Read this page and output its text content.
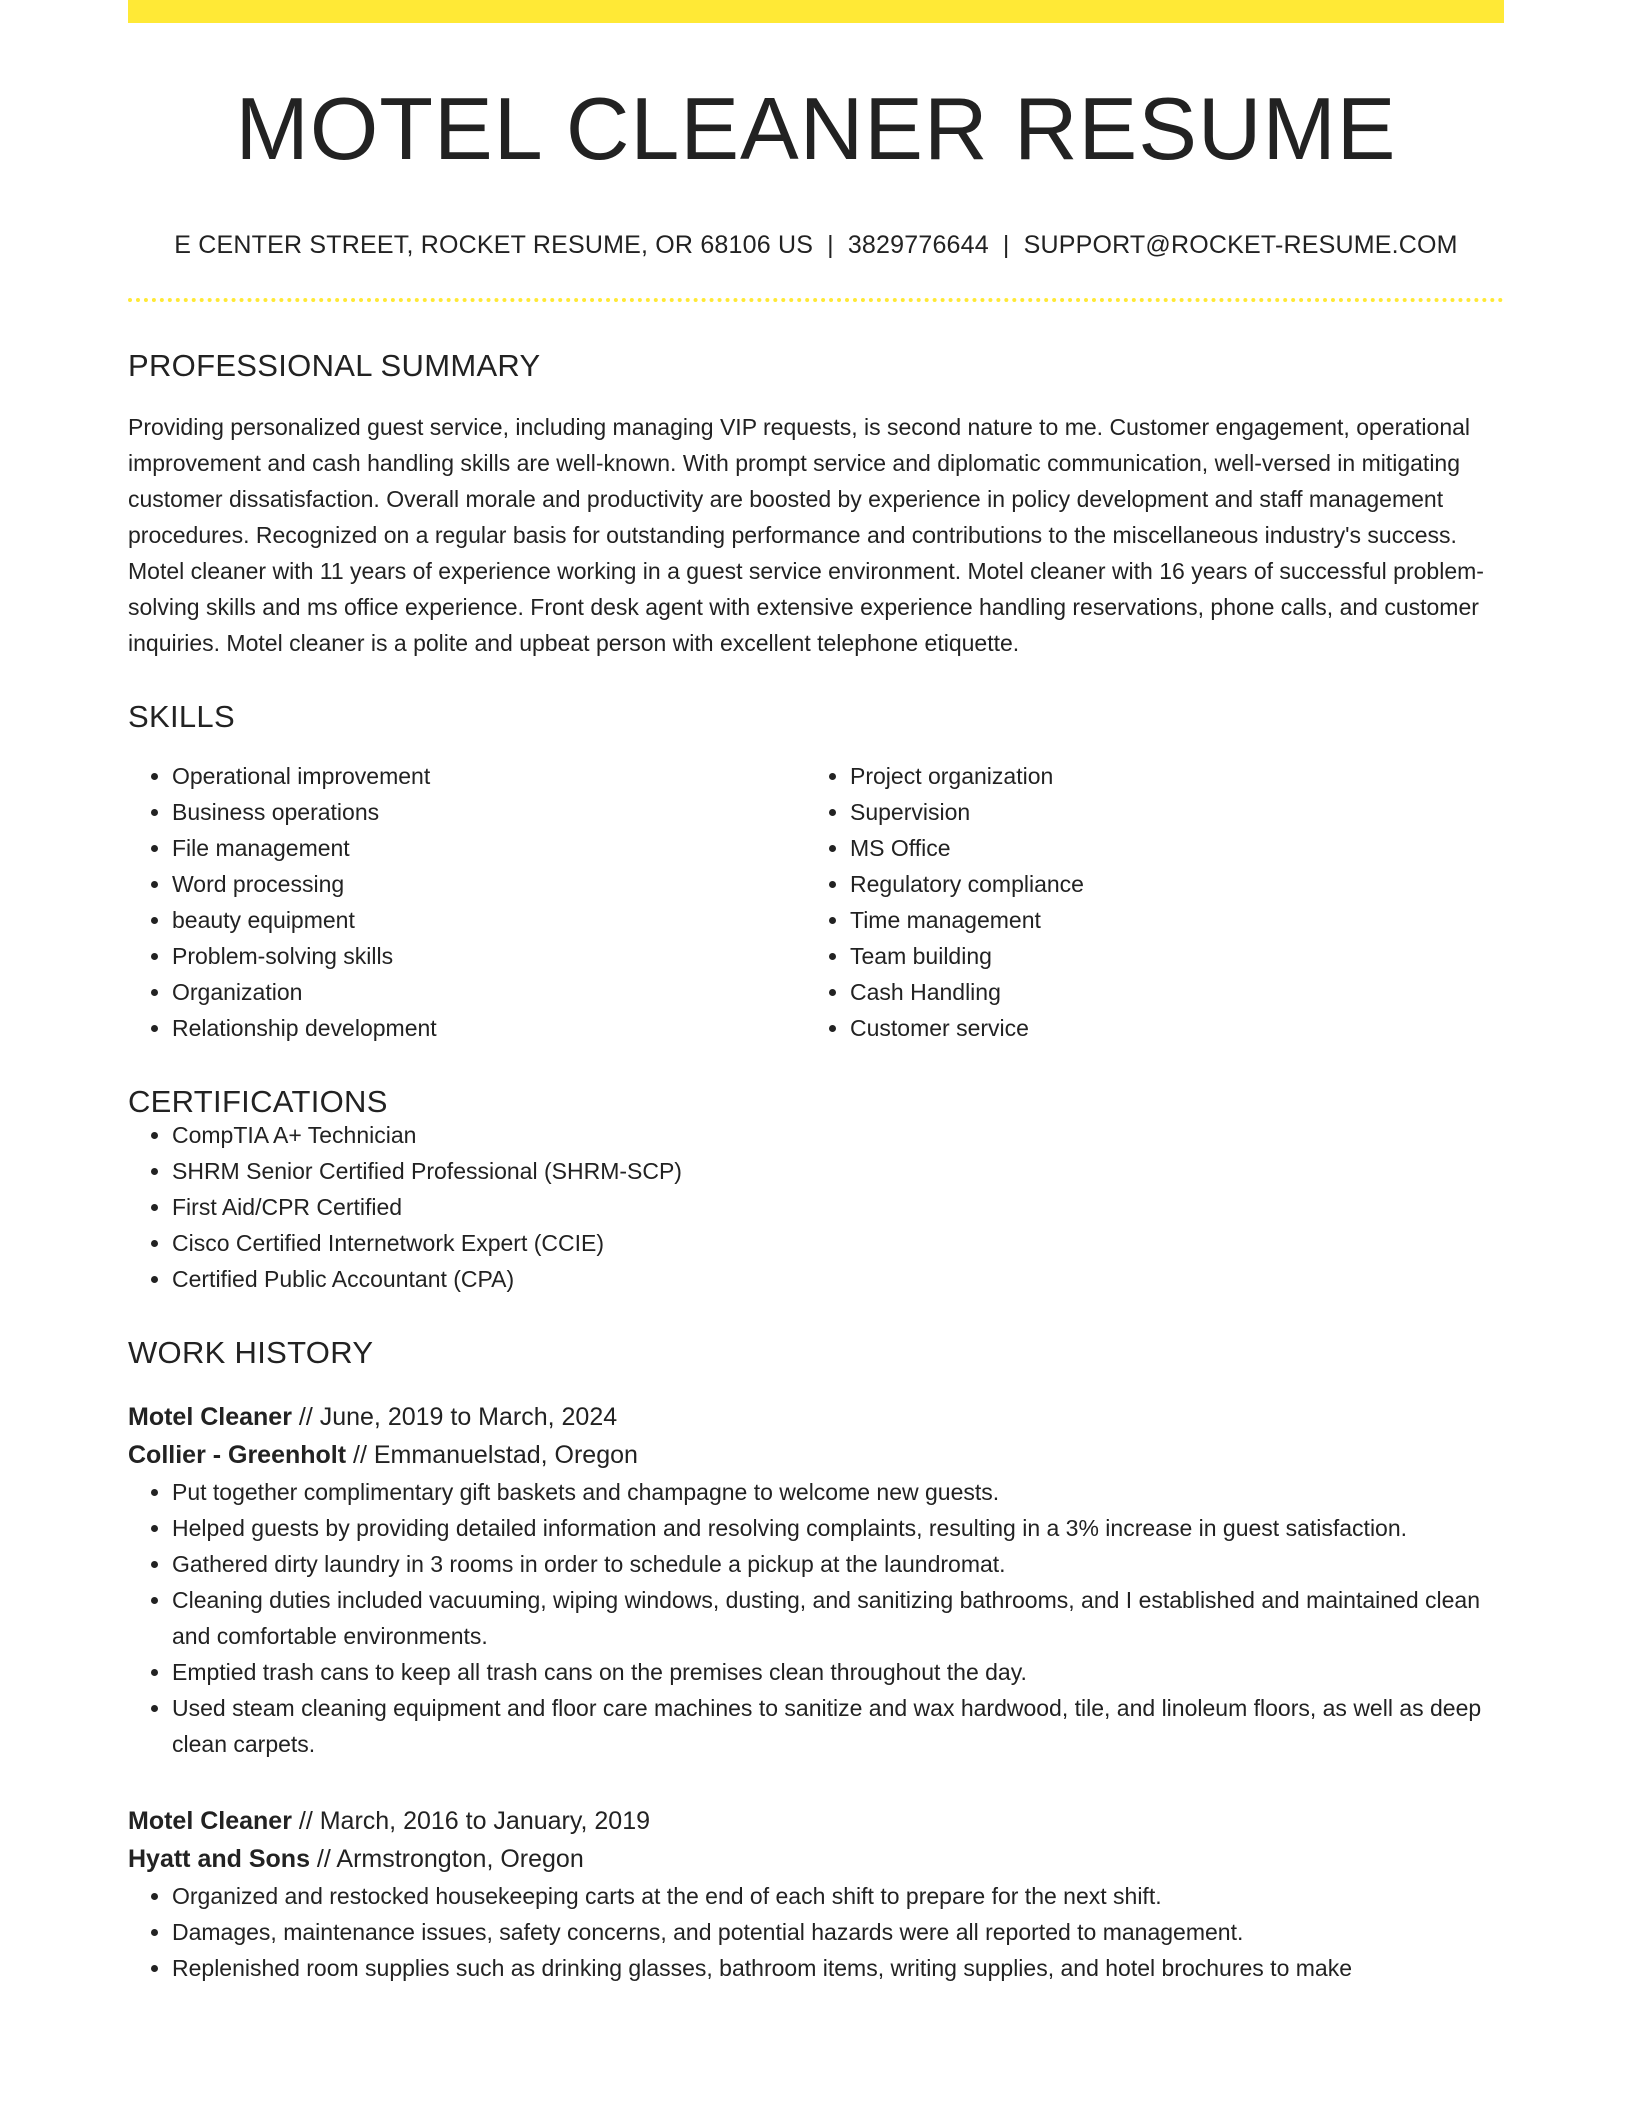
MOTEL CLEANER RESUME
E CENTER STREET, ROCKET RESUME, OR 68106 US | 3829776644 | SUPPORT@ROCKET-RESUME.COM
PROFESSIONAL SUMMARY

Providing personalized guest service, including managing VIP requests, is second nature to me. Customer engagement, operational improvement and cash handling skills are well-known. With prompt service and diplomatic communication, well-versed in mitigating customer dissatisfaction. Overall morale and productivity are boosted by experience in policy development and staff management procedures. Recognized on a regular basis for outstanding performance and contributions to the miscellaneous industry's success. Motel cleaner with 11 years of experience working in a guest service environment. Motel cleaner with 16 years of successful problem-solving skills and ms office experience. Front desk agent with extensive experience handling reservations, phone calls, and customer inquiries. Motel cleaner is a polite and upbeat person with excellent telephone etiquette.

SKILLS
• Operational improvement
• Business operations
• File management
• Word processing
• beauty equipment
• Problem-solving skills
• Organization
• Relationship development
• Project organization
• Supervision
• MS Office
• Regulatory compliance
• Time management
• Team building
• Cash Handling
• Customer service
CERTIFICATIONS
• CompTIA A+ Technician
• SHRM Senior Certified Professional (SHRM-SCP)
• First Aid/CPR Certified
• Cisco Certified Internetwork Expert (CCIE)
• Certified Public Accountant (CPA)
WORK HISTORY
Motel Cleaner // June, 2019 to March, 2024
Collier - Greenholt // Emmanuelstad, Oregon
• Put together complimentary gift baskets and champagne to welcome new guests.
• Helped guests by providing detailed information and resolving complaints, resulting in a 3% increase in guest satisfaction.
• Gathered dirty laundry in 3 rooms in order to schedule a pickup at the laundromat.
• Cleaning duties included vacuuming, wiping windows, dusting, and sanitizing bathrooms, and I established and maintained clean and comfortable environments.
• Emptied trash cans to keep all trash cans on the premises clean throughout the day.
• Used steam cleaning equipment and floor care machines to sanitize and wax hardwood, tile, and linoleum floors, as well as deep clean carpets.
Motel Cleaner // March, 2016 to January, 2019
Hyatt and Sons // Armstrongton, Oregon
• Organized and restocked housekeeping carts at the end of each shift to prepare for the next shift.
• Damages, maintenance issues, safety concerns, and potential hazards were all reported to management.
• Replenished room supplies such as drinking glasses, bathroom items, writing supplies, and hotel brochures to make
